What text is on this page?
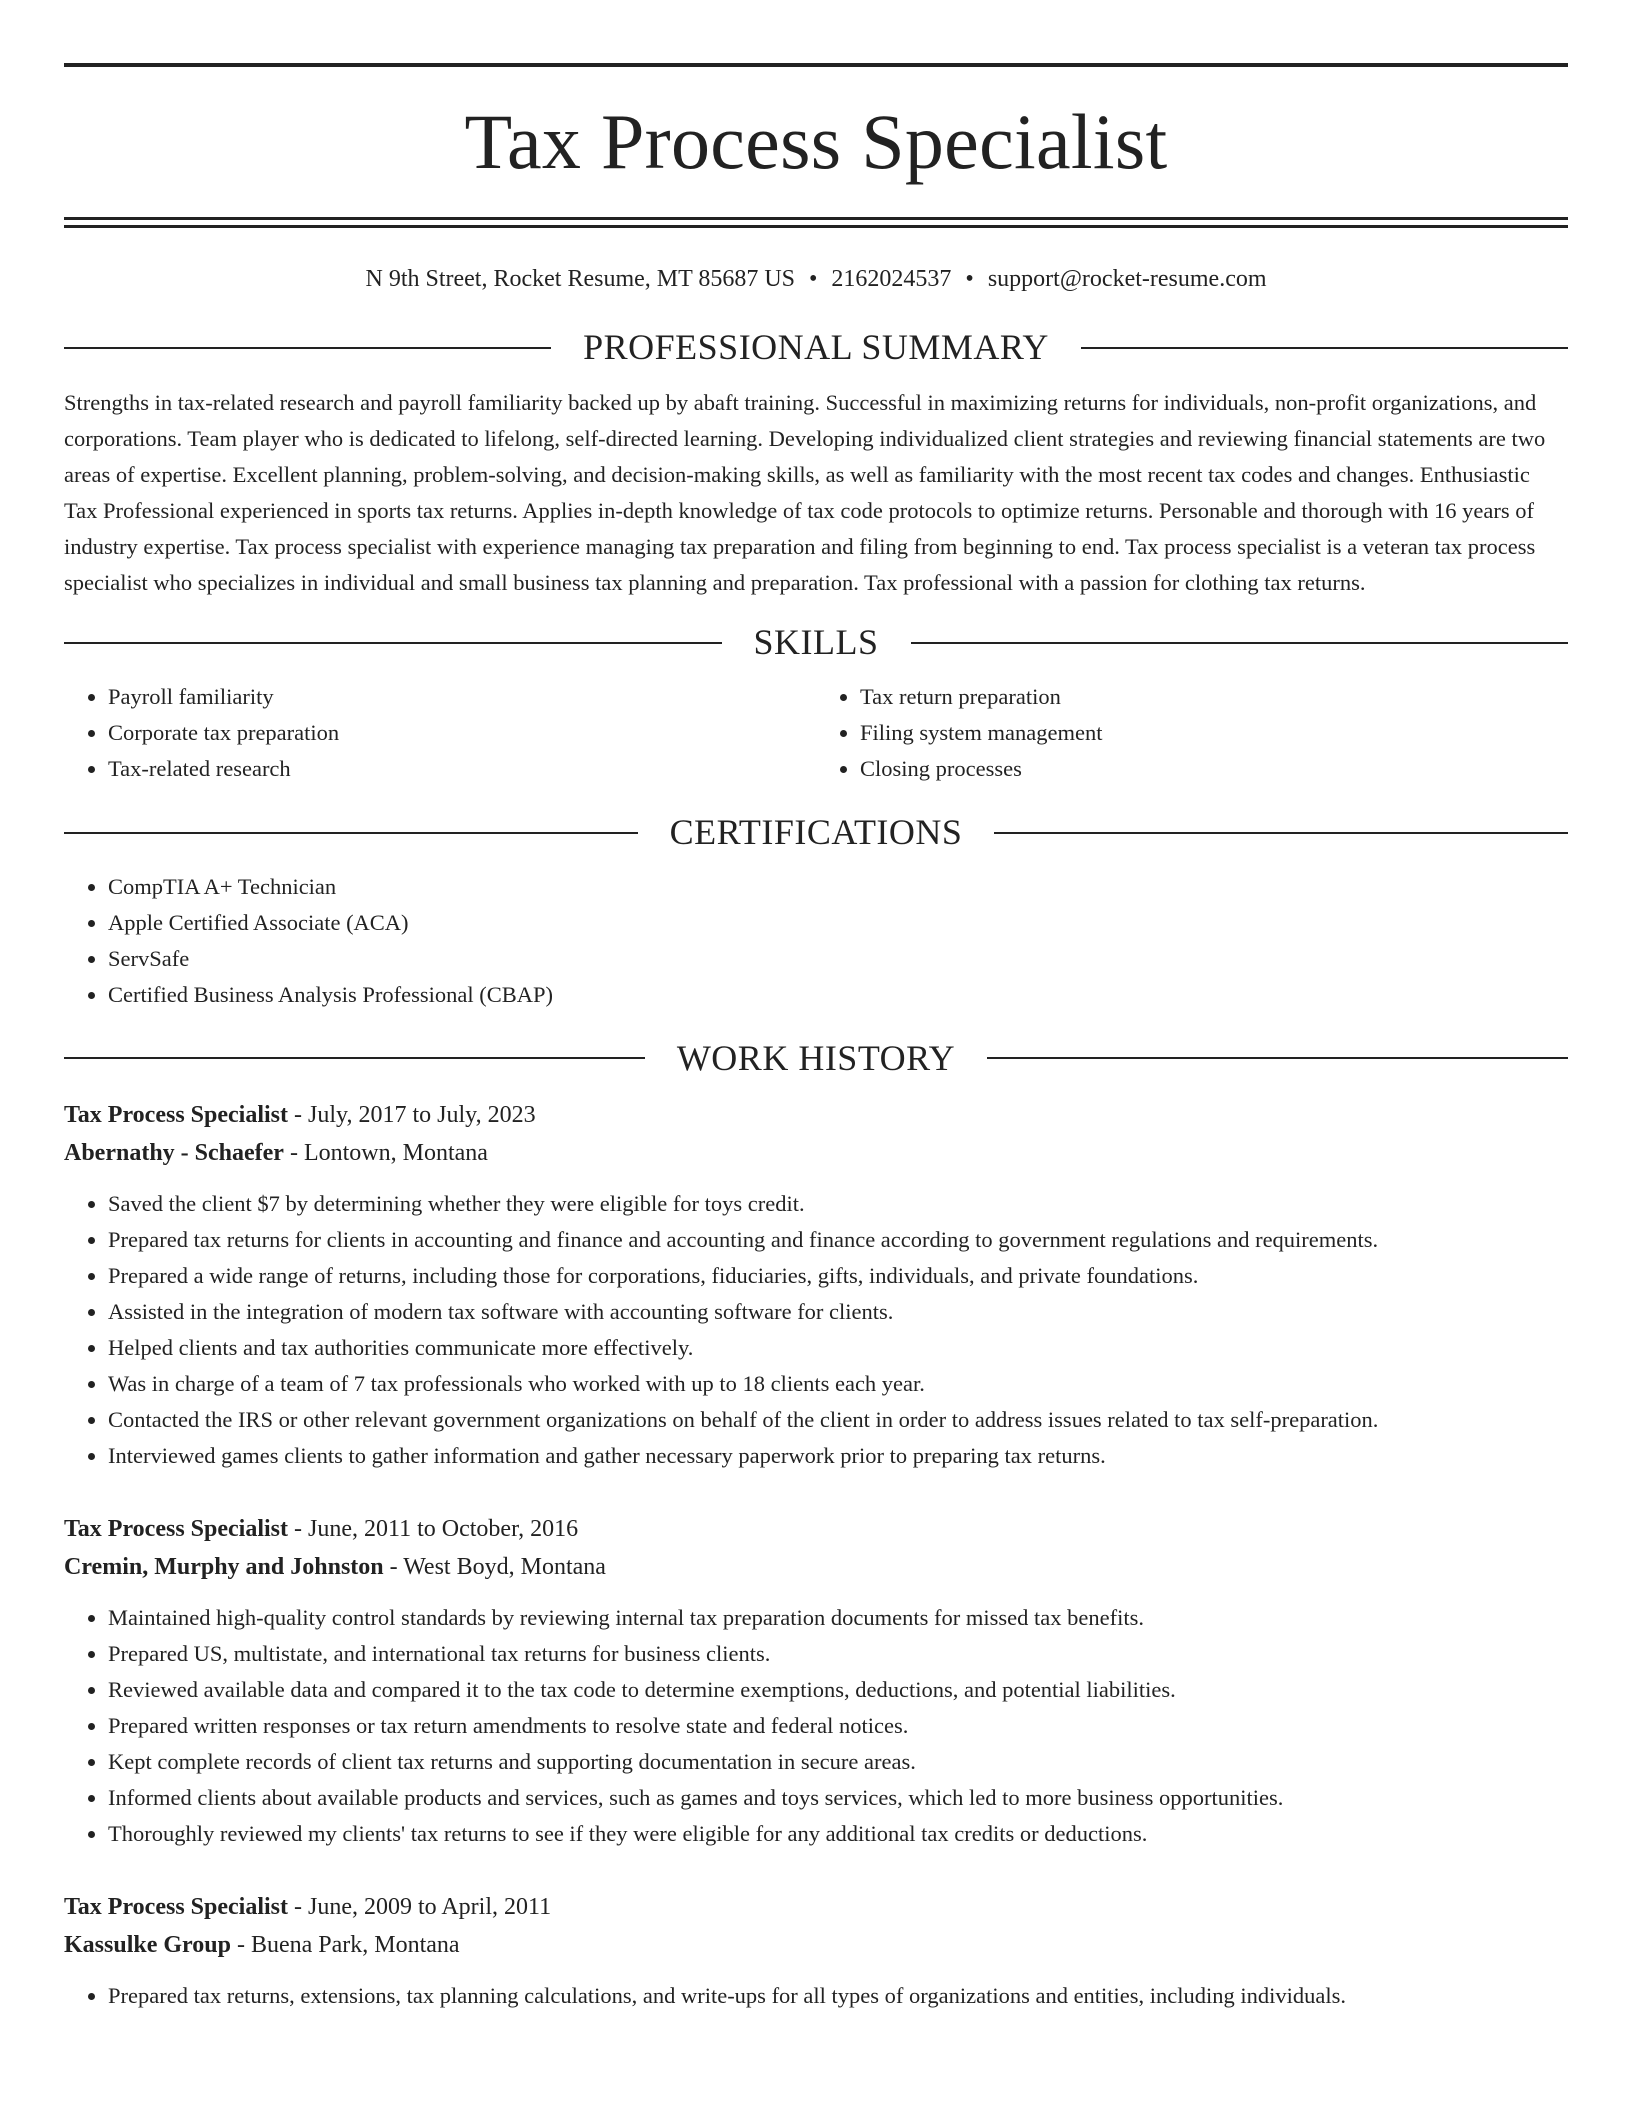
Tax Process Specialist
N 9th Street, Rocket Resume, MT 85687 US • 2162024537 • support@rocket-resume.com
PROFESSIONAL SUMMARY

Strengths in tax-related research and payroll familiarity backed up by abaft training. Successful in maximizing returns for individuals, non-profit organizations, and corporations. Team player who is dedicated to lifelong, self-directed learning. Developing individualized client strategies and reviewing financial statements are two areas of expertise. Excellent planning, problem-solving, and decision-making skills, as well as familiarity with the most recent tax codes and changes. Enthusiastic Tax Professional experienced in sports tax returns. Applies in-depth knowledge of tax code protocols to optimize returns. Personable and thorough with 16 years of industry expertise. Tax process specialist with experience managing tax preparation and filing from beginning to end. Tax process specialist is a veteran tax process specialist who specializes in individual and small business tax planning and preparation. Tax professional with a passion for clothing tax returns.

SKILLS
• Payroll familiarity
• Corporate tax preparation
• Tax-related research
• Tax return preparation
• Filing system management
• Closing processes
CERTIFICATIONS
• CompTIA A+ Technician
• Apple Certified Associate (ACA)
• ServSafe
• Certified Business Analysis Professional (CBAP)
WORK HISTORY
Tax Process Specialist - July, 2017 to July, 2023
Abernathy - Schaefer - Lontown, Montana
• Saved the client $7 by determining whether they were eligible for toys credit.
• Prepared tax returns for clients in accounting and finance and accounting and finance according to government regulations and requirements.
• Prepared a wide range of returns, including those for corporations, fiduciaries, gifts, individuals, and private foundations.
• Assisted in the integration of modern tax software with accounting software for clients.
• Helped clients and tax authorities communicate more effectively.
• Was in charge of a team of 7 tax professionals who worked with up to 18 clients each year.
• Contacted the IRS or other relevant government organizations on behalf of the client in order to address issues related to tax self-preparation.
• Interviewed games clients to gather information and gather necessary paperwork prior to preparing tax returns.
Tax Process Specialist - June, 2011 to October, 2016
Cremin, Murphy and Johnston - West Boyd, Montana
• Maintained high-quality control standards by reviewing internal tax preparation documents for missed tax benefits.
• Prepared US, multistate, and international tax returns for business clients.
• Reviewed available data and compared it to the tax code to determine exemptions, deductions, and potential liabilities.
• Prepared written responses or tax return amendments to resolve state and federal notices.
• Kept complete records of client tax returns and supporting documentation in secure areas.
• Informed clients about available products and services, such as games and toys services, which led to more business opportunities.
• Thoroughly reviewed my clients' tax returns to see if they were eligible for any additional tax credits or deductions.
Tax Process Specialist - June, 2009 to April, 2011
Kassulke Group - Buena Park, Montana
• Prepared tax returns, extensions, tax planning calculations, and write-ups for all types of organizations and entities, including individuals.
